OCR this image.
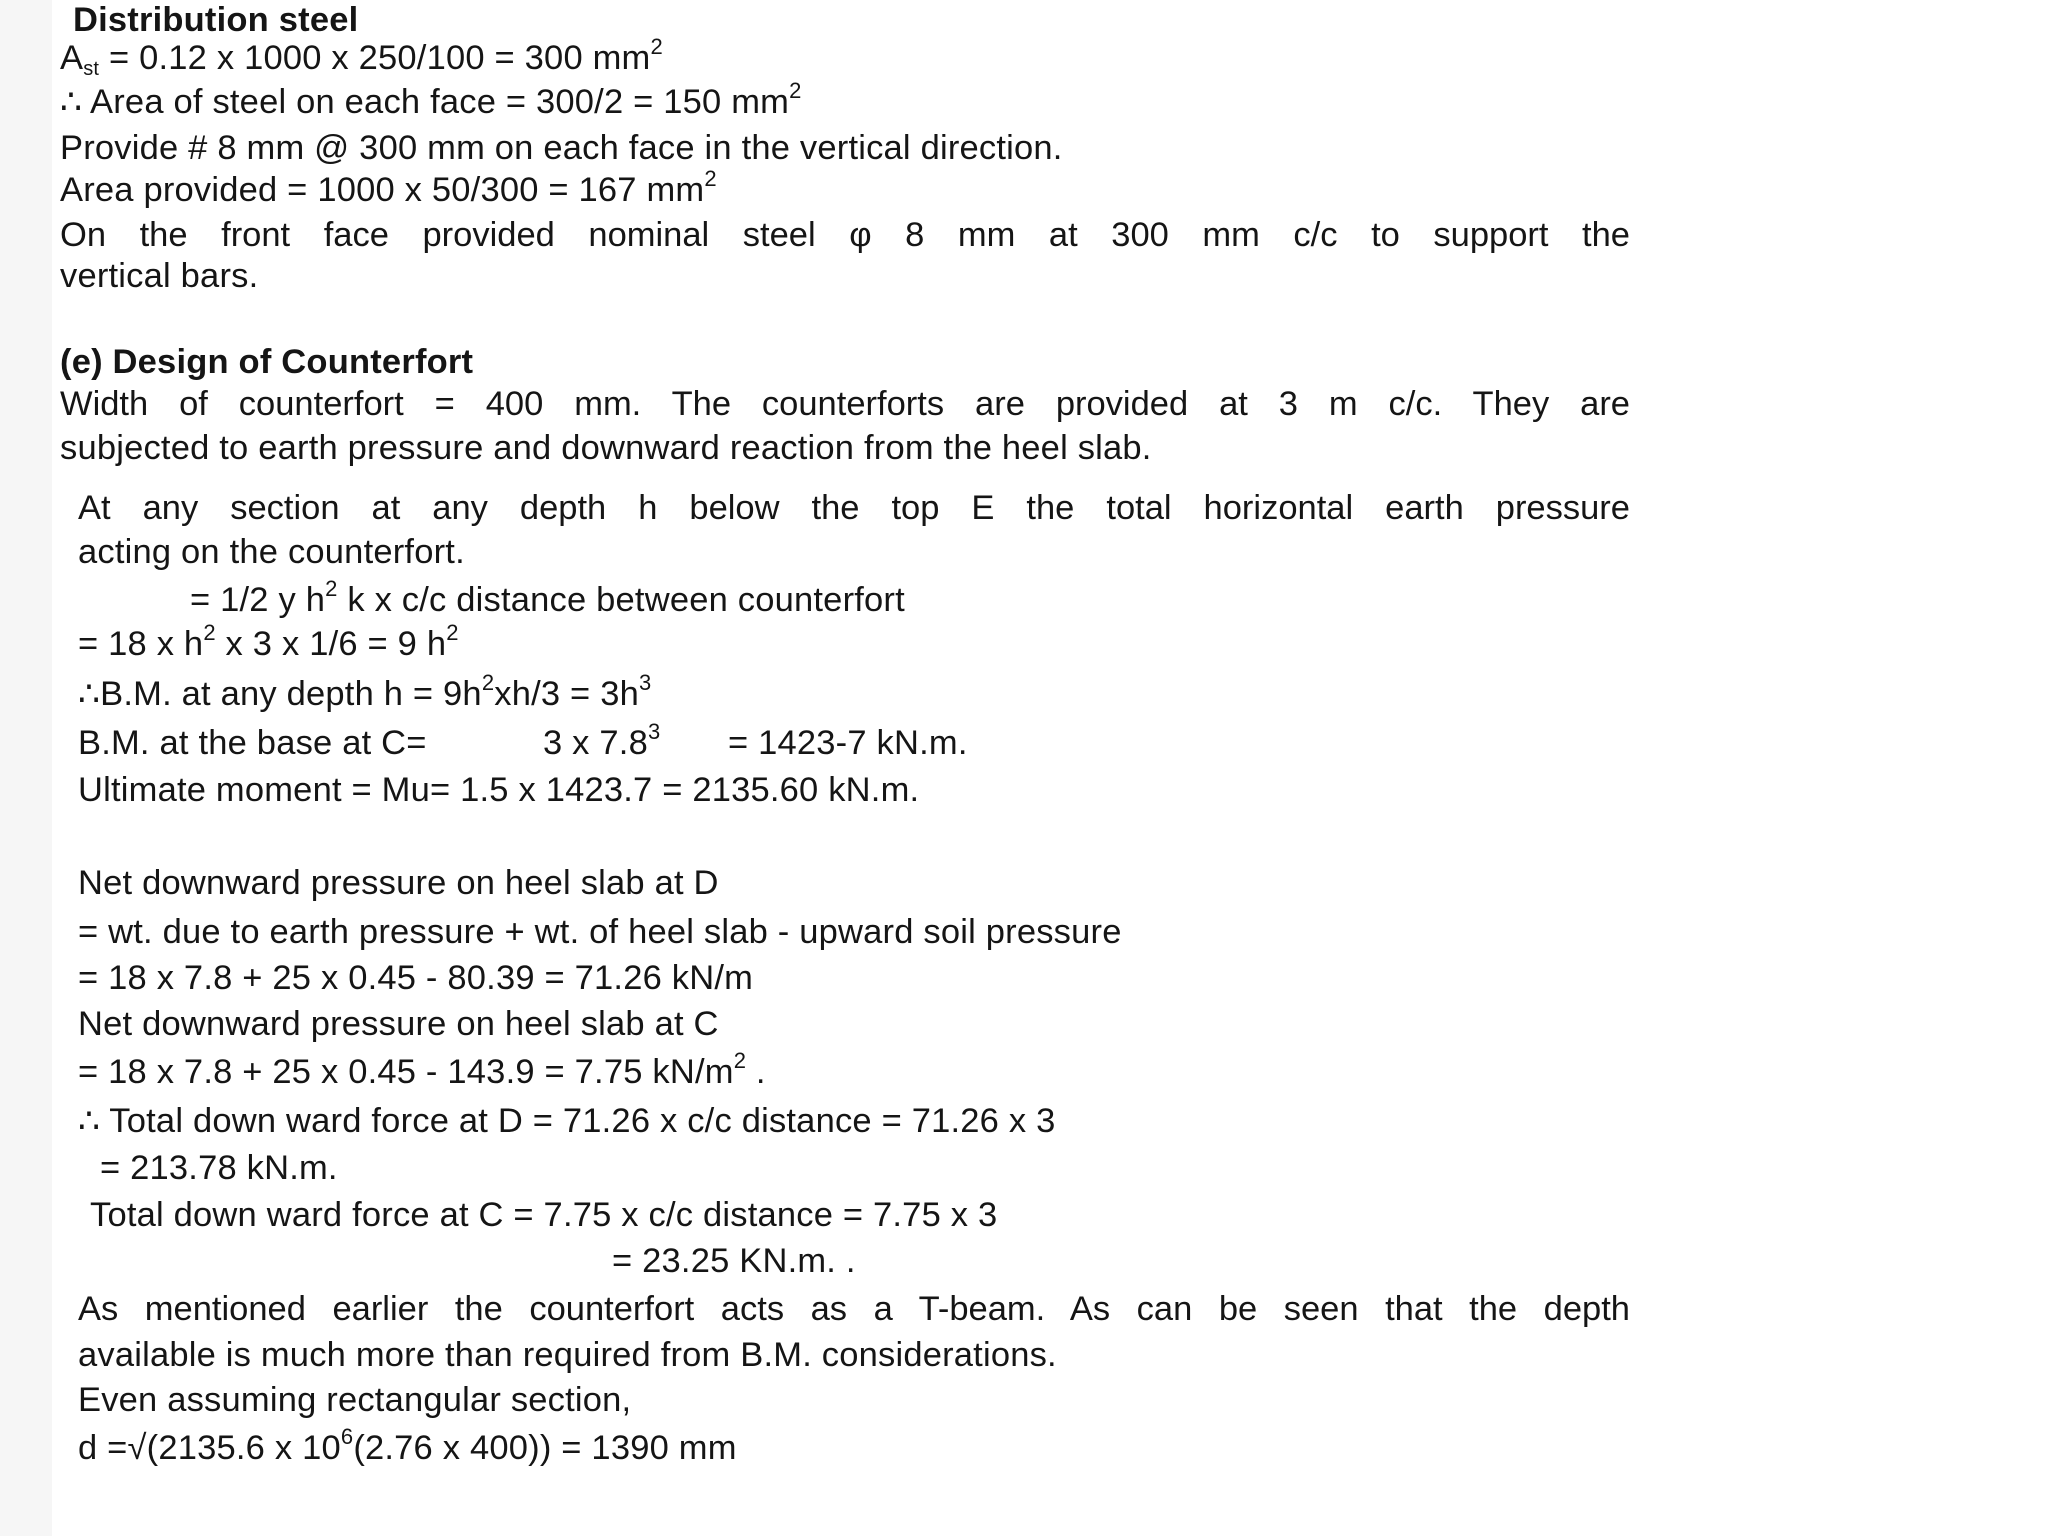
Distribution steel
$A_{st} = 0.12$ x 1000 x 250/100 = 300 $mm^2$
∴ Area of steel on each face = 300/2 = 150 $mm^2$
Provide # 8 mm @ 300 mm on each face in the vertical direction.
Area provided = 1000 x 50/300 = 167 $mm^2$
On the front face provided nominal steel φ 8 mm at 300 mm c/c to support the
vertical bars.
(e) Design of Counterfort
Width of counterfort = 400 mm. The counterforts are provided at 3 m c/c. They are
subjected to earth pressure and downward reaction from the heel slab.
At any section at any depth h below the top E the total horizontal earth pressure
acting on the counterfort.
= 1/2 y $h^2$ k x c/c distance between counterfort
= 18 x $h^2$ x 3 x 1/6 = 9 $h^2$
∴B.M. at any depth $h = 9h^2xh/3 = 3h^3$
B.M. at the base at C=	3 x $7.8^3 = 1423-7$ kN.m.
Ultimate moment = Mu= 1.5 x 1423.7 = 2135.60 kN.m.
Net downward pressure on heel slab at D
= wt. due to earth pressure + wt. of heel slab - upward soil pressure
= 18 x 7.8 + 25 x 0.45 - 80.39 = 71.26 kN/m
Net downward pressure on heel slab at C
= 18 x 7.8 + 25 x 0.45 - 143.9 = 7.75 $kN/m^2$ .
∴ Total down ward force at D = 71.26 x c/c distance = 71.26 x 3
= 213.78 kN.m.
Total down ward force at C = 7.75 x c/c distance = 7.75 x 3
= 23.25 KN.m. .
As mentioned earlier the counterfort acts as a T-beam. As can be seen that the depth
available is much more than required from B.M. considerations.
Even assuming rectangular section,
d =√(2135.6 x $10^6(2.76$ x 400)) = 1390 mm
